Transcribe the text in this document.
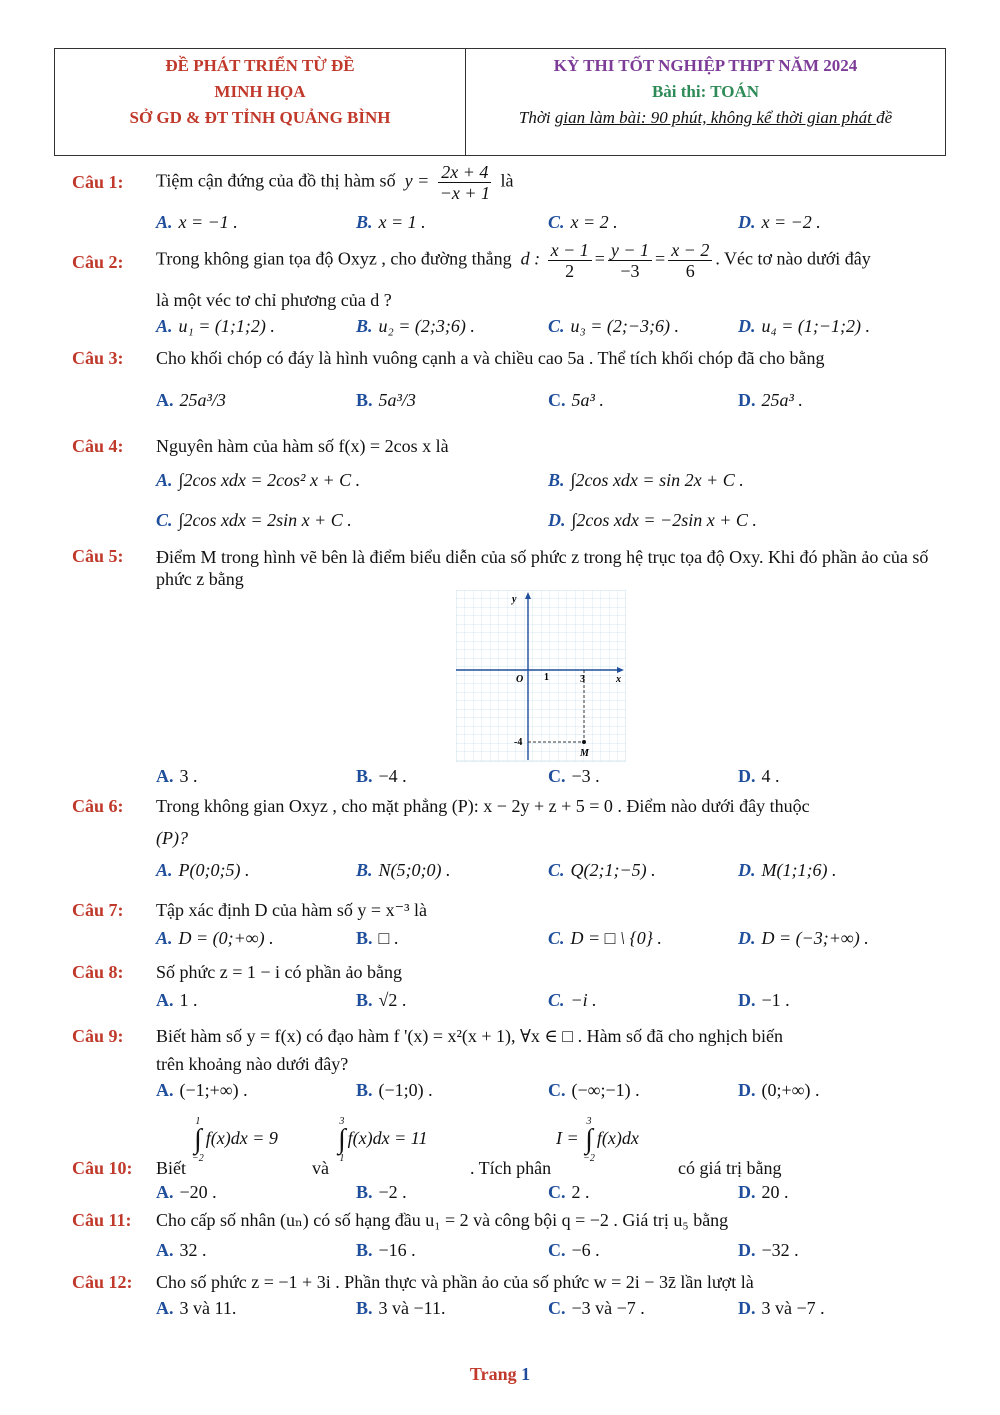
ĐỀ PHÁT TRIỂN TỪ ĐỀ
MINH HỌA
SỞ GD & ĐT TỈNH QUẢNG BÌNH
KỲ THI TỐT NGHIỆP THPT NĂM 2024
Bài thi: TOÁN
Thời gian làm bài: 90 phút, không kể thời gian phát đề
Câu 1: Tiệm cận đứng của đồ thị hàm số  $y = \frac{2x + 4}{-x + 1}$ là
A. x = −1 .	B. x = 1 .	C. x = 2 .	D. x = −2 .
Câu 2: Trong không gian tọa độ Oxyz , cho đường thẳng  d : $\frac{x - 1}{2} = \frac{y - 1}{-3} = \frac{x - 2}{6}$ . Véc tơ nào dưới đây
là một véc tơ chỉ phương của d ?
A. u₁ = (1;1;2) .	B. u₂ = (2;3;6) .	C. u₃ = (2;−3;6) .	D. u₄ = (1;−1;2) .
Câu 3: Cho khối chóp có đáy là hình vuông cạnh a và chiều cao 5a . Thể tích khối chóp đã cho bằng
A. 25a³/3	B. 5a³/3	C. 5a³ .	D. 25a³ .
Câu 4: Nguyên hàm của hàm số f(x) = 2cos x là
A. ∫2cos xdx = 2cos² x + C .	B. ∫2cos xdx = sin 2x + C .
C. ∫2cos xdx = 2sin x + C .	D. ∫2cos xdx = −2sin x + C .
Câu 5: Điểm M trong hình vẽ bên là điểm biểu diễn của số phức z trong hệ trục tọa độ Oxy. Khi đó phần ảo của số phức z bằng
y
x
O 1	3
-4
M
A. 3 .	B. −4 .	C. −3 .	D. 4 .
Câu 6: Trong không gian Oxyz , cho mặt phẳng (P): x − 2y + z + 5 = 0 . Điểm nào dưới đây thuộc
(P)?
A. P(0;0;5) .	B. N(5;0;0) .	C. Q(2;1;−5) .	D. M(1;1;6) .
Câu 7: Tập xác định D của hàm số y = x⁻³ là
A. D = (0;+∞) .	B. □ .	C. D = □ \ {0} .	D. D = (−3;+∞) .
Câu 8: Số phức z = 1 − i có phần ảo bằng
A. 1 .	B. √2 .	C. −i .	D. −1 .
Câu 9: Biết hàm số y = f(x) có đạo hàm f '(x) = x²(x + 1), ∀x ∈ □ . Hàm số đã cho nghịch biến
trên khoảng nào dưới đây?
A. (−1;+∞) .	B. (−1;0) .	C. (−∞;−1) .	D. (0;+∞) .
Câu 10: Biết
1
∫
−2
f(x)dx = 9
và
3
∫
1
f(x)dx = 11
. Tích phân
I =
3
∫
−2
f(x)dx
có giá trị bằng
A. −20 .	B. −2 .	C. 2 .	D. 20 .
Câu 11: Cho cấp số nhân (uₙ) có số hạng đầu u₁ = 2 và công bội q = −2 . Giá trị u₅ bằng
A. 32 .	B. −16 .	C. −6 .	D. −32 .
Câu 12: Cho số phức z = −1 + 3i . Phần thực và phần ảo của số phức w = 2i − 3z̄ lần lượt là
A. 3 và 11.	B. 3 và −11.	C. −3 và −7 .	D. 3 và −7 .
Trang 1
